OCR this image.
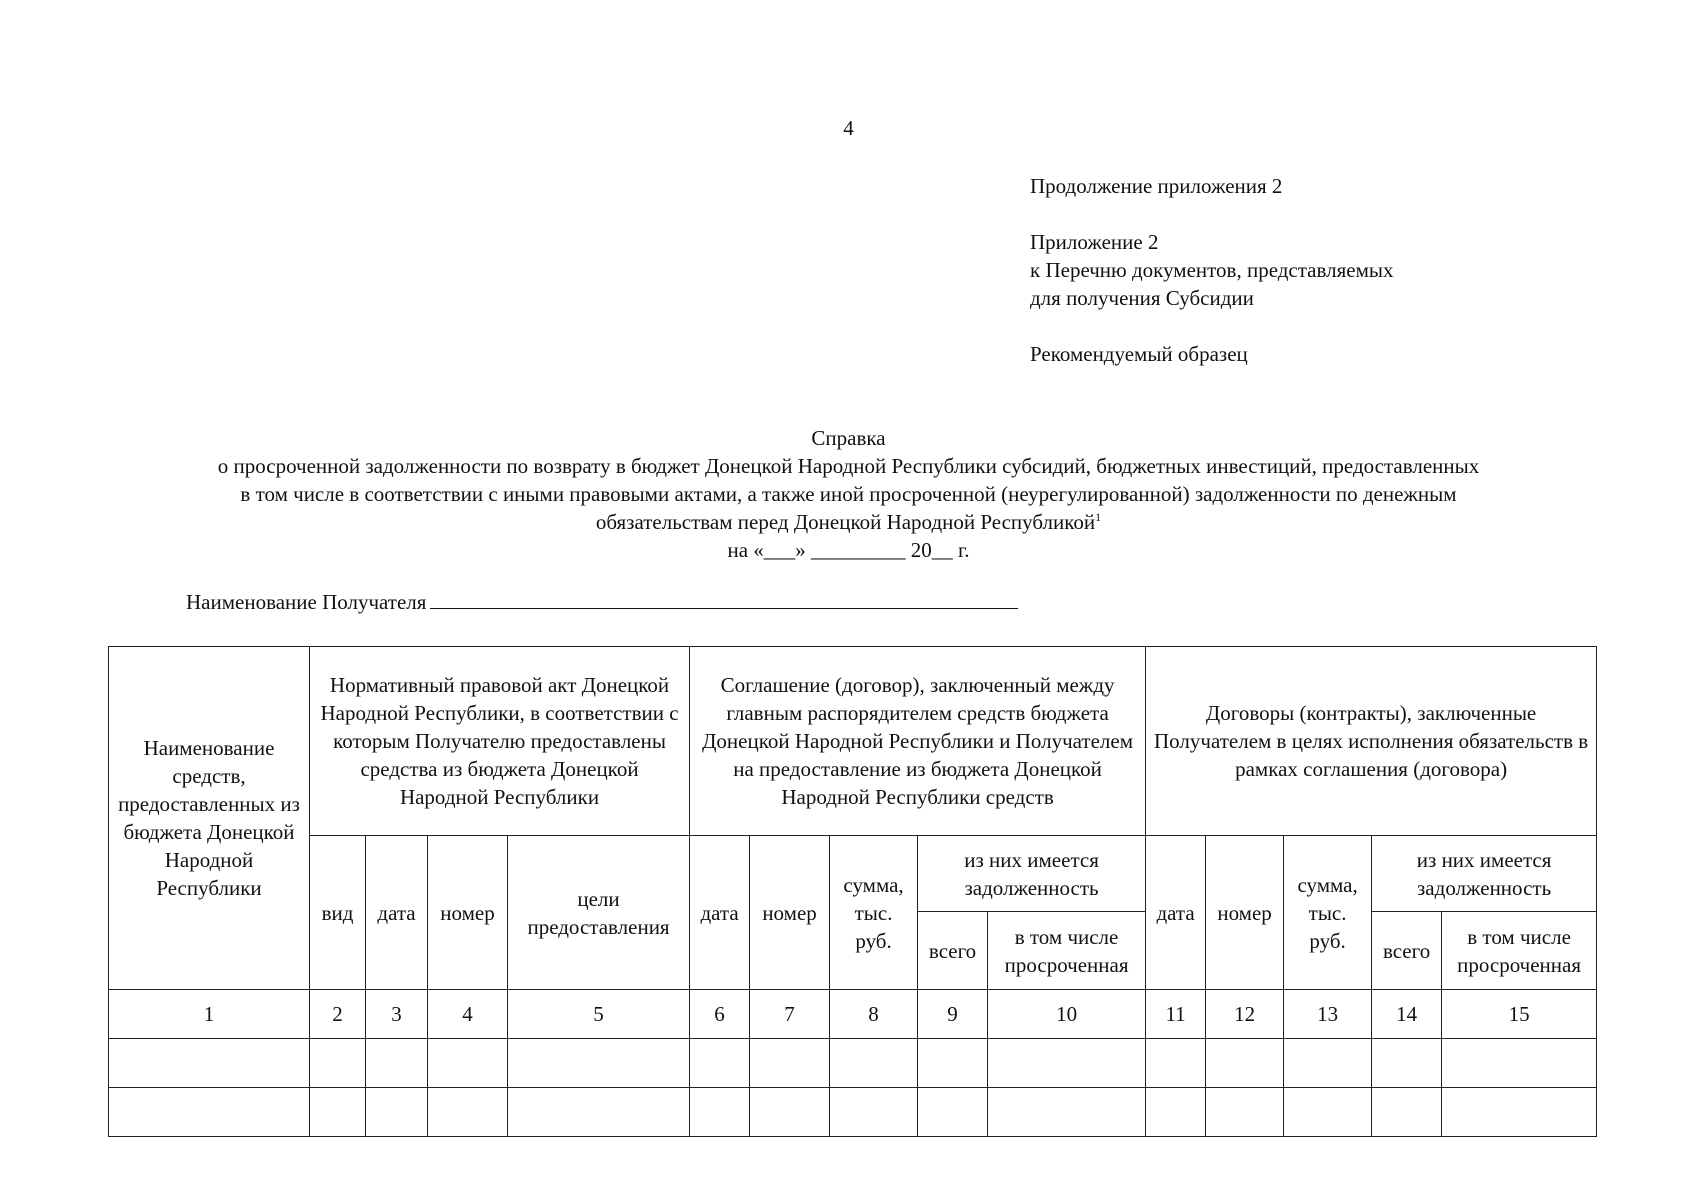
4
Продолжение приложения 2
Приложение 2
к Перечню документов, представляемых
для получения Субсидии
Рекомендуемый образец
Справка
о просроченной задолженности по возврату в бюджет Донецкой Народной Республики субсидий, бюджетных инвестиций, предоставленных
в том числе в соответствии с иными правовыми актами, а также иной просроченной (неурегулированной) задолженности по денежным
обязательствам перед Донецкой Народной Республикой$^1$
на «___» _________ 20__ г.
Наименование Получателя
Наименование средств, предоставленных из бюджета Донецкой Народной Республики	Нормативный правовой акт Донецкой Народной Республики, в соответствии с которым Получателю предоставлены средства из бюджета Донецкой Народной Республики				Соглашение (договор), заключенный между главным распорядителем средств бюджета Донецкой Народной Республики и Получателем на предоставление из бюджета Донецкой Народной Республики средств					Договоры (контракты), заключенные Получателем в целях исполнения обязательств в рамках соглашения (договора)				
	вид	дата	номер	цели предоставления	дата	номер	сумма, тыс. руб.	из них имеется задолженность		дата	номер	сумма, тыс. руб.	из них имеется задолженность	
								всего	в том числе просроченная				всего	в том числе просроченная
1	2	3	4	5	6	7	8	9	10	11	12	13	14	15
